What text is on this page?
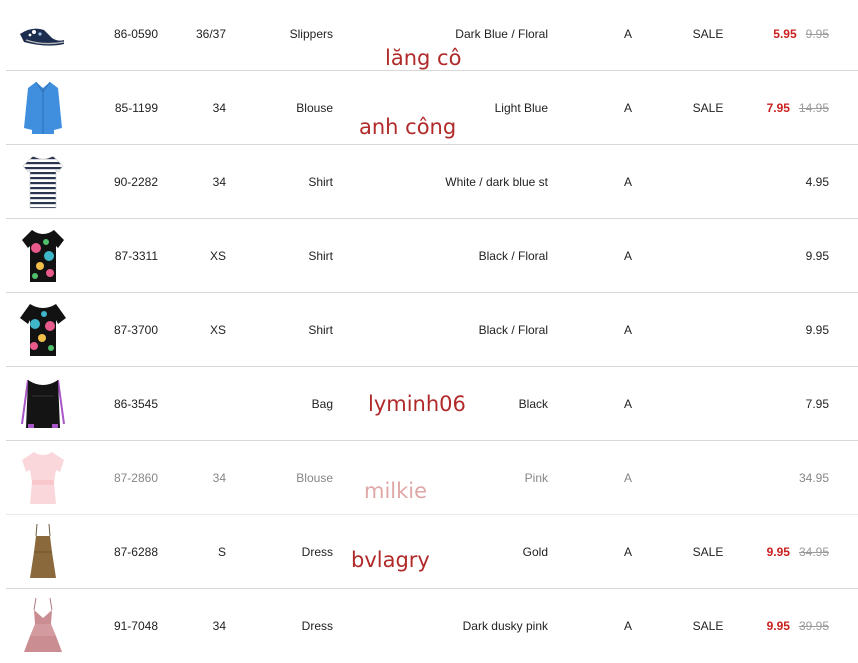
86-0590	36/37	Slippers	Dark Blue / Floral	A	SALE	5.95 9.95
85-1199	34	Blouse	Light Blue	A	SALE	7.95 14.95
90-2282	34	Shirt	White / dark blue st	A	4.95
87-3311	XS	Shirt	Black / Floral	A	9.95
87-3700	XS	Shirt	Black / Floral	A	9.95
86-3545	Bag	Black	A	7.95
87-2860	34	Blouse	Pink	A	34.95
87-6288	S	Dress	Gold	A	SALE	9.95 34.95
91-7048	34	Dress	Dark dusky pink	A	SALE	9.95 39.95
lăng cô
anh công
lyminh06
milkie
bvlagry
